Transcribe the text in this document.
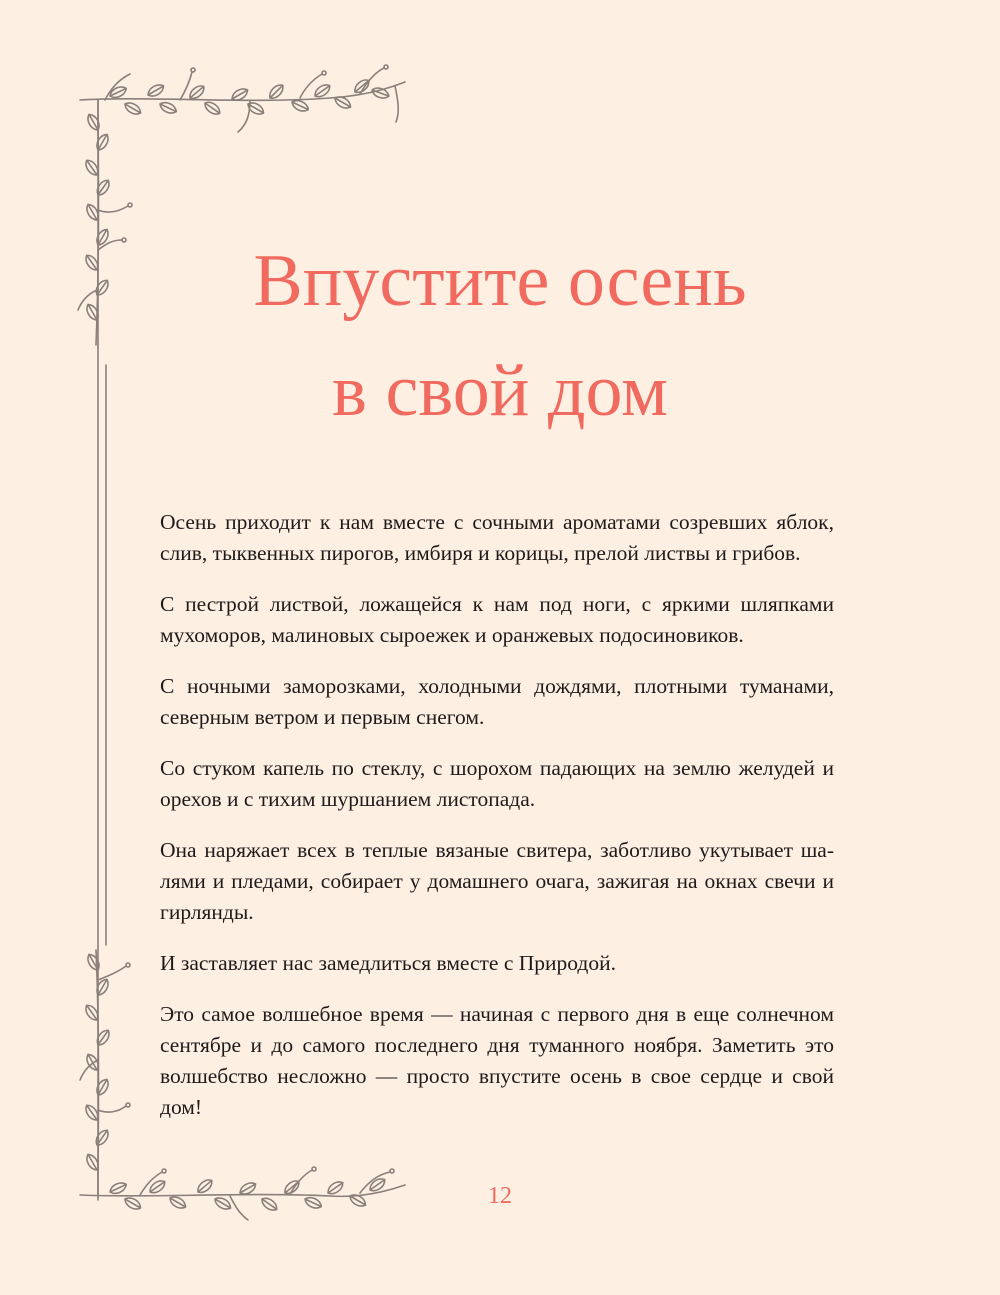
Впустите осень
в свой дом

Осень приходит к нам вместе с сочными ароматами созревших яблок, слив, тыквенных пирогов, имбиря и корицы, прелой листвы и грибов.

С пестрой листвой, ложащейся к нам под ноги, с яркими шляпками мухоморов, малиновых сыроежек и оранжевых подосиновиков.

С ночными заморозками, холодными дождями, плотными туманами, северным ветром и первым снегом.

Со стуком капель по стеклу, с шорохом падающих на землю желудей и орехов и с тихим шуршанием листопада.

Она наряжает всех в теплые вязаные свитера, заботливо укутывает шалями и пледами, собирает у домашнего очага, зажигая на окнах свечи и гирлянды.

И заставляет нас замедлиться вместе с Природой.

Это самое волшебное время — начиная с первого дня в еще солнечном сентябре и до самого последнего дня туманного ноября. Заметить это волшебство несложно — просто впустите осень в свое сердце и свой дом!

12
